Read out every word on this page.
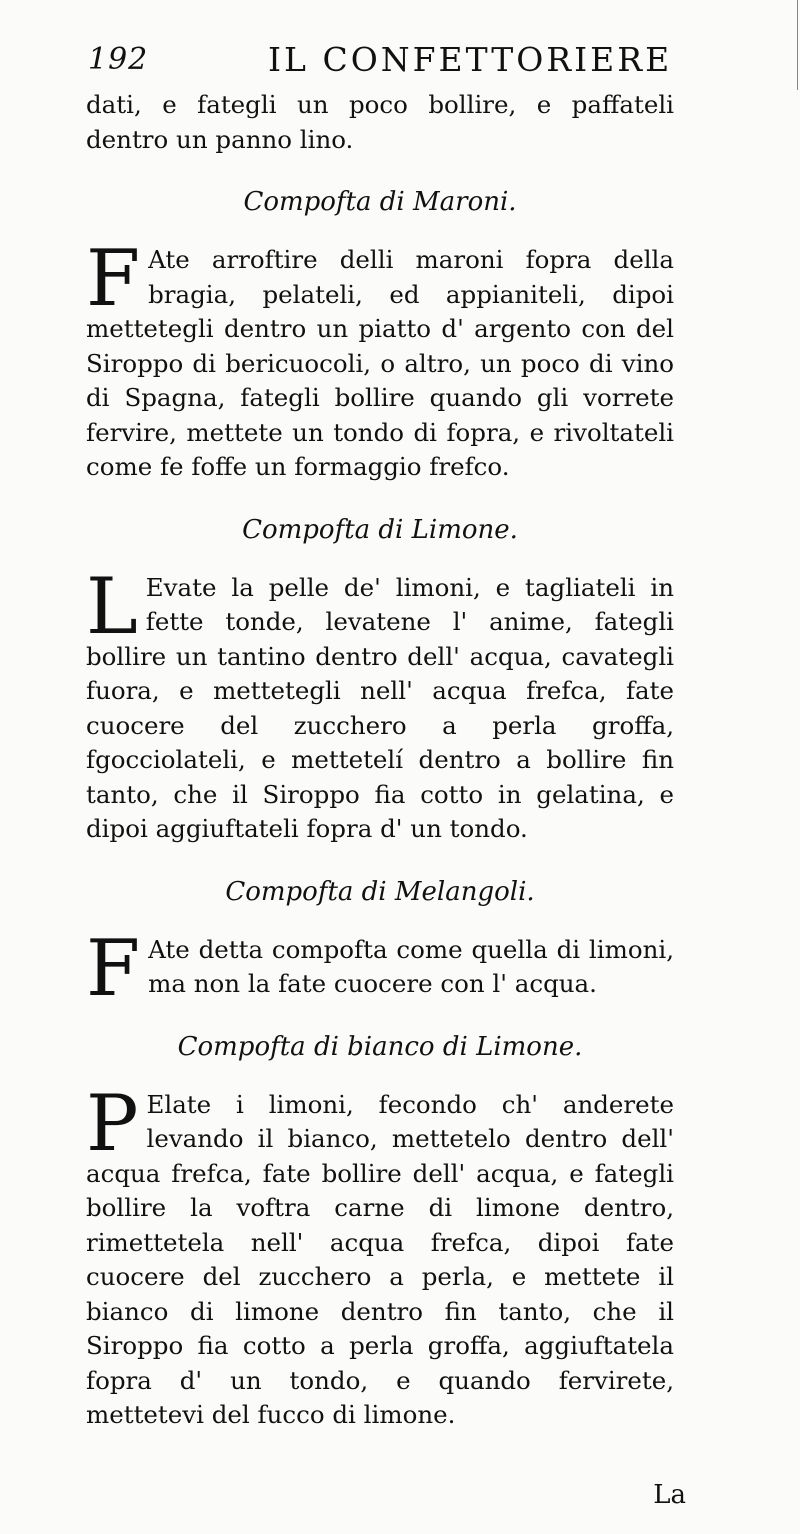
192	IL CONFETTORIERE

dati, e fategli un poco bollire, e paffateli dentro un panno lino.

Compofta di Maroni.

F Ate arroftire delli maroni fopra della bragia, pelateli, ed appianiteli, dipoi mettetegli dentro un piatto d' argento con del Siroppo di bericuocoli, o altro, un poco di vino di Spagna, fategli bollire quando gli vorrete fervire, mettete un tondo di fopra, e rivoltateli come fe foffe un formaggio frefco.

Compofta di Limone.

L Evate la pelle de' limoni, e tagliateli in fette tonde, levatene l' anime, fategli bollire un tantino dentro dell' acqua, cavategli fuora, e mettetegli nell' acqua frefca, fate cuocere del zucchero a perla groffa, fgocciolateli, e mettetelí dentro a bollire fin tanto, che il Siroppo fia cotto in gelatina, e dipoi aggiuftateli fopra d' un tondo.

Compofta di Melangoli.

F Ate detta compofta come quella di limoni, ma non la fate cuocere con l' acqua.

Compofta di bianco di Limone.

P Elate i limoni, fecondo ch' anderete levando il bianco, mettetelo dentro dell' acqua frefca, fate bollire dell' acqua, e fategli bollire la voftra carne di limone dentro, rimettetela nell' acqua frefca, dipoi fate cuocere del zucchero a perla, e mettete il bianco di limone dentro fin tanto, che il Siroppo fia cotto a perla groffa, aggiuftatela fopra d' un tondo, e quando fervirete, mettetevi del fucco di limone.

La
